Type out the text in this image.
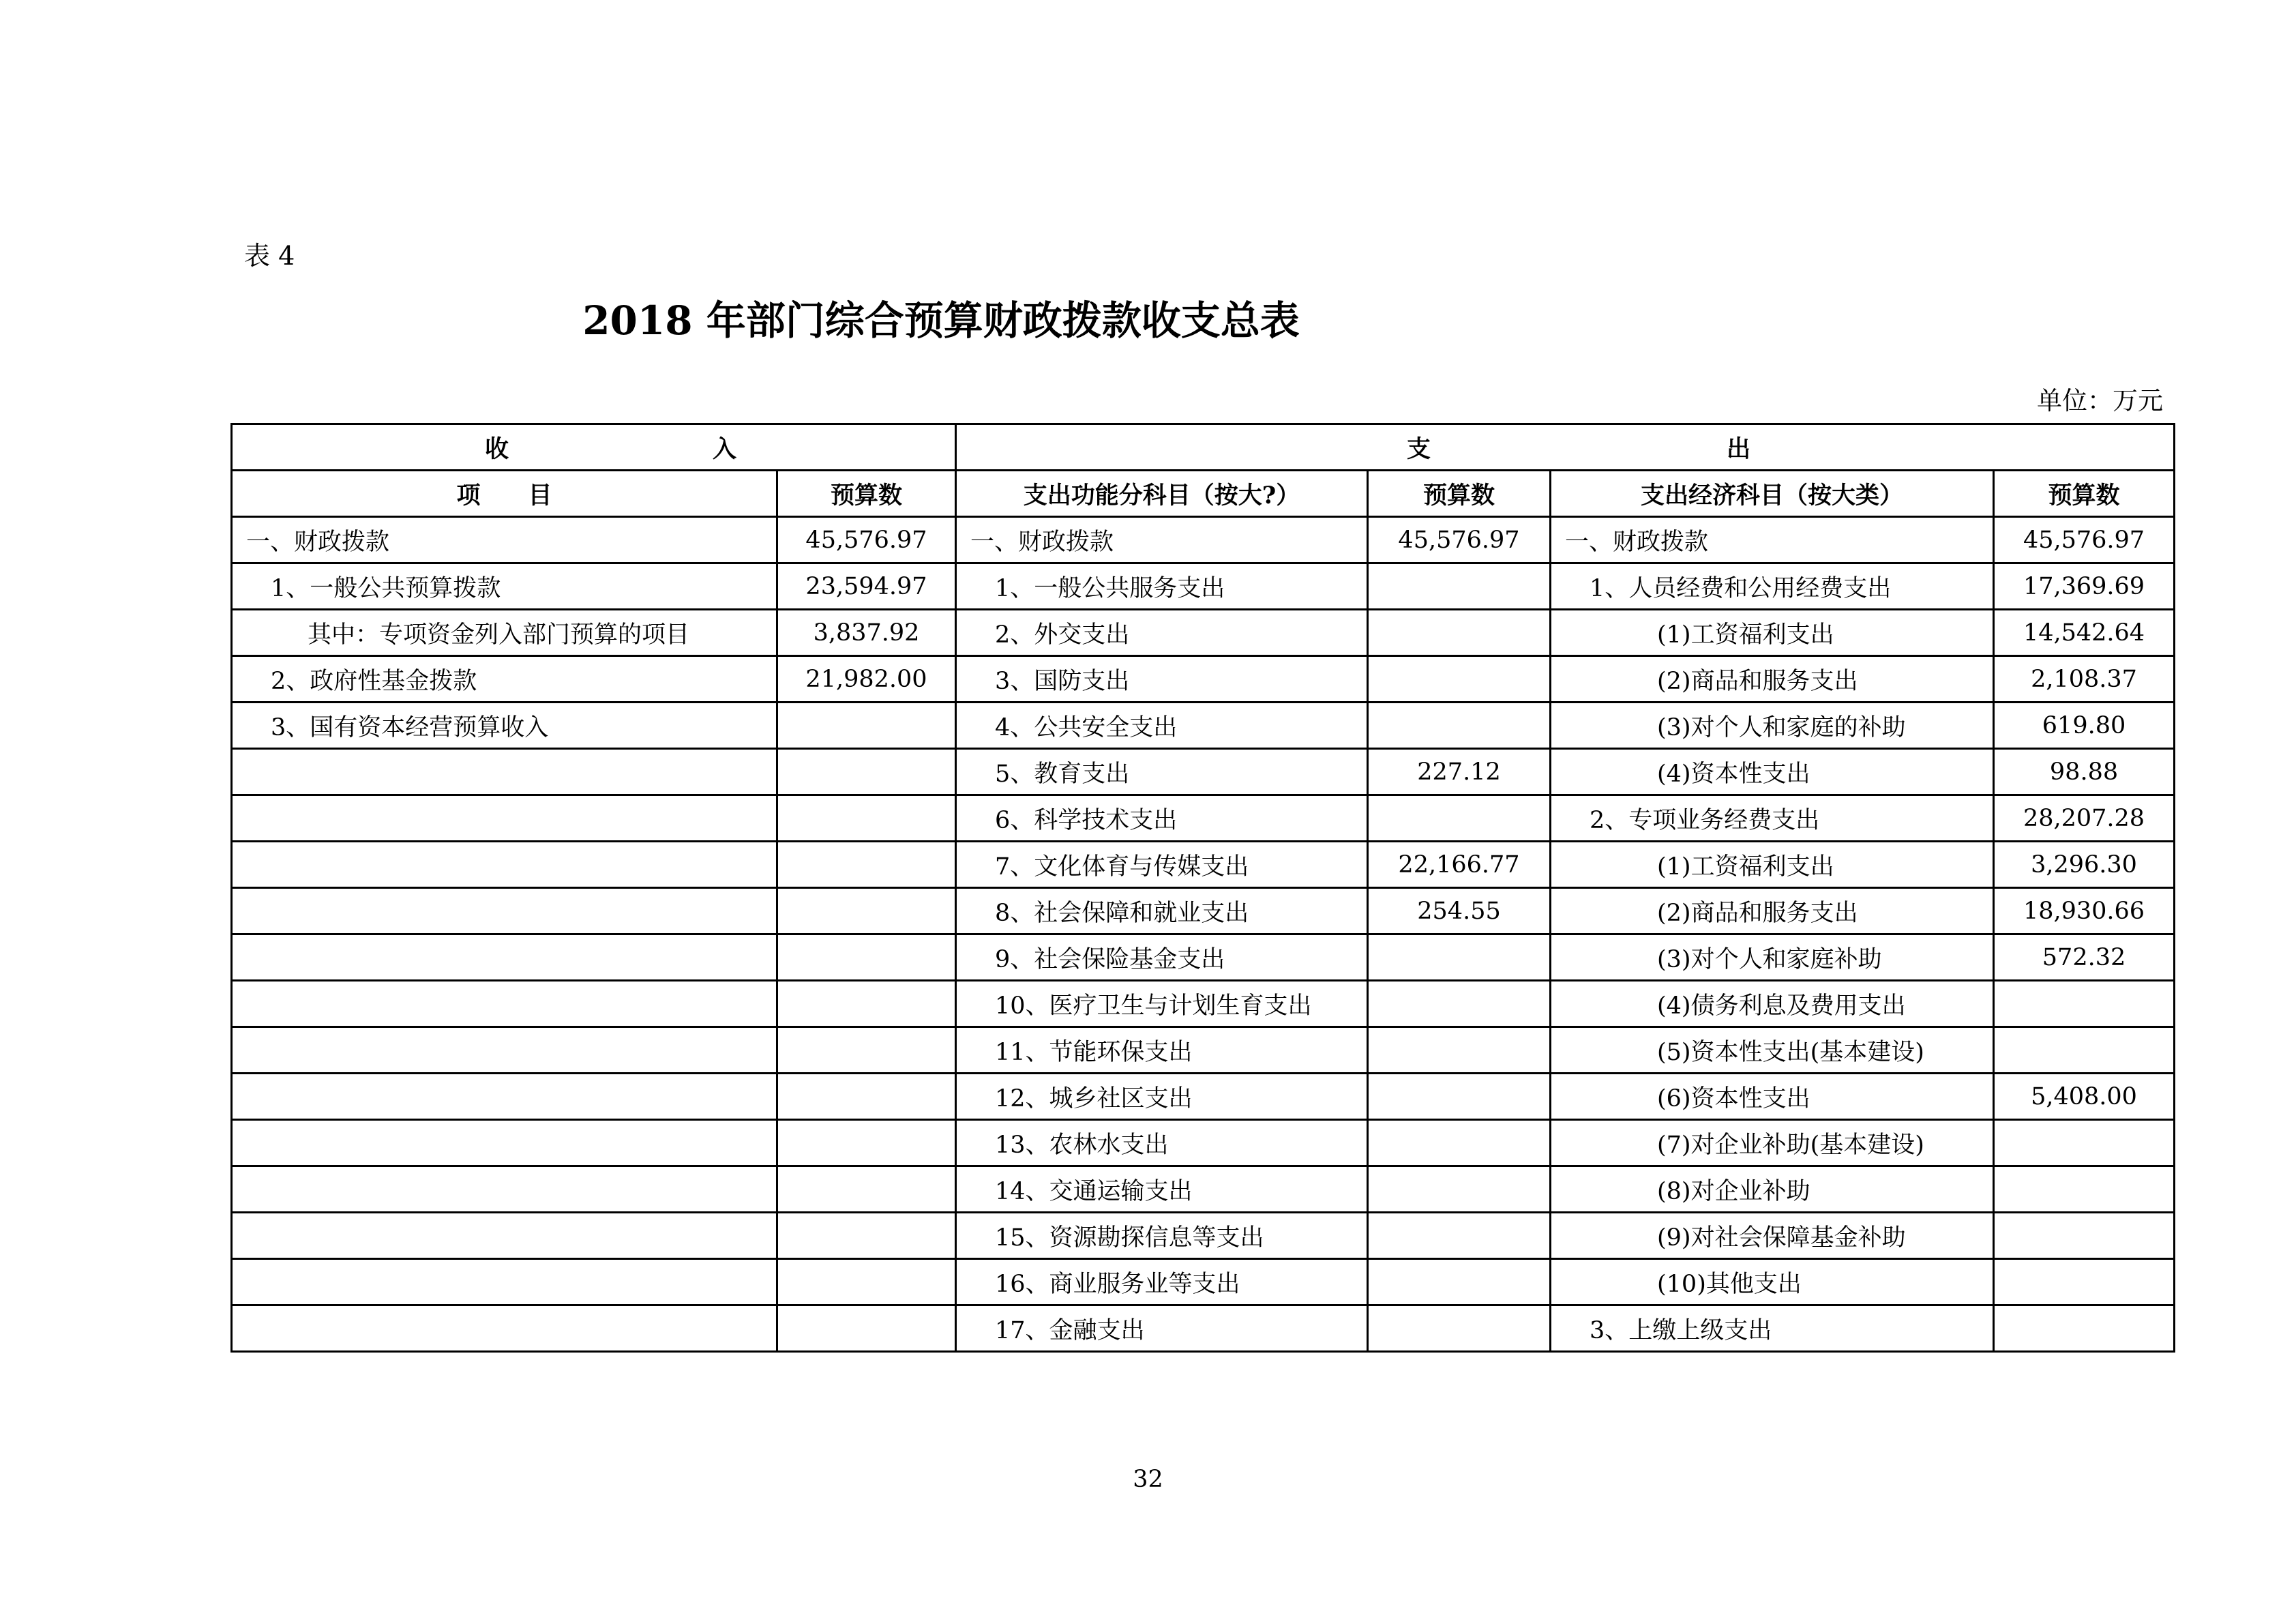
表 4
2018 年部门综合预算财政拨款收支总表
单位：万元
收 入		支 出			

项　　目	预算数	支出功能分科目（按大?）	预算数	支出经济科目（按大类）	预算数
一、财政拨款	45,576.97	一、财政拨款	45,576.97	一、财政拨款	45,576.97
1、一般公共预算拨款	23,594.97	1、一般公共服务支出		1、人员经费和公用经费支出	17,369.69
其中：专项资金列入部门预算的项目	3,837.92	2、外交支出		(1)工资福利支出	14,542.64
2、政府性基金拨款	21,982.00	3、国防支出		(2)商品和服务支出	2,108.37
3、国有资本经营预算收入		4、公共安全支出		(3)对个人和家庭的补助	619.80
		5、教育支出	227.12	(4)资本性支出	98.88
		6、科学技术支出		2、专项业务经费支出	28,207.28
		7、文化体育与传媒支出	22,166.77	(1)工资福利支出	3,296.30
		8、社会保障和就业支出	254.55	(2)商品和服务支出	18,930.66
		9、社会保险基金支出		(3)对个人和家庭补助	572.32
		10、医疗卫生与计划生育支出		(4)债务利息及费用支出	
		11、节能环保支出		(5)资本性支出(基本建设)	
		12、城乡社区支出		(6)资本性支出	5,408.00
		13、农林水支出		(7)对企业补助(基本建设)	
		14、交通运输支出		(8)对企业补助	
		15、资源勘探信息等支出		(9)对社会保障基金补助	
		16、商业服务业等支出		(10)其他支出	
		17、金融支出		3、上缴上级支出	
32
